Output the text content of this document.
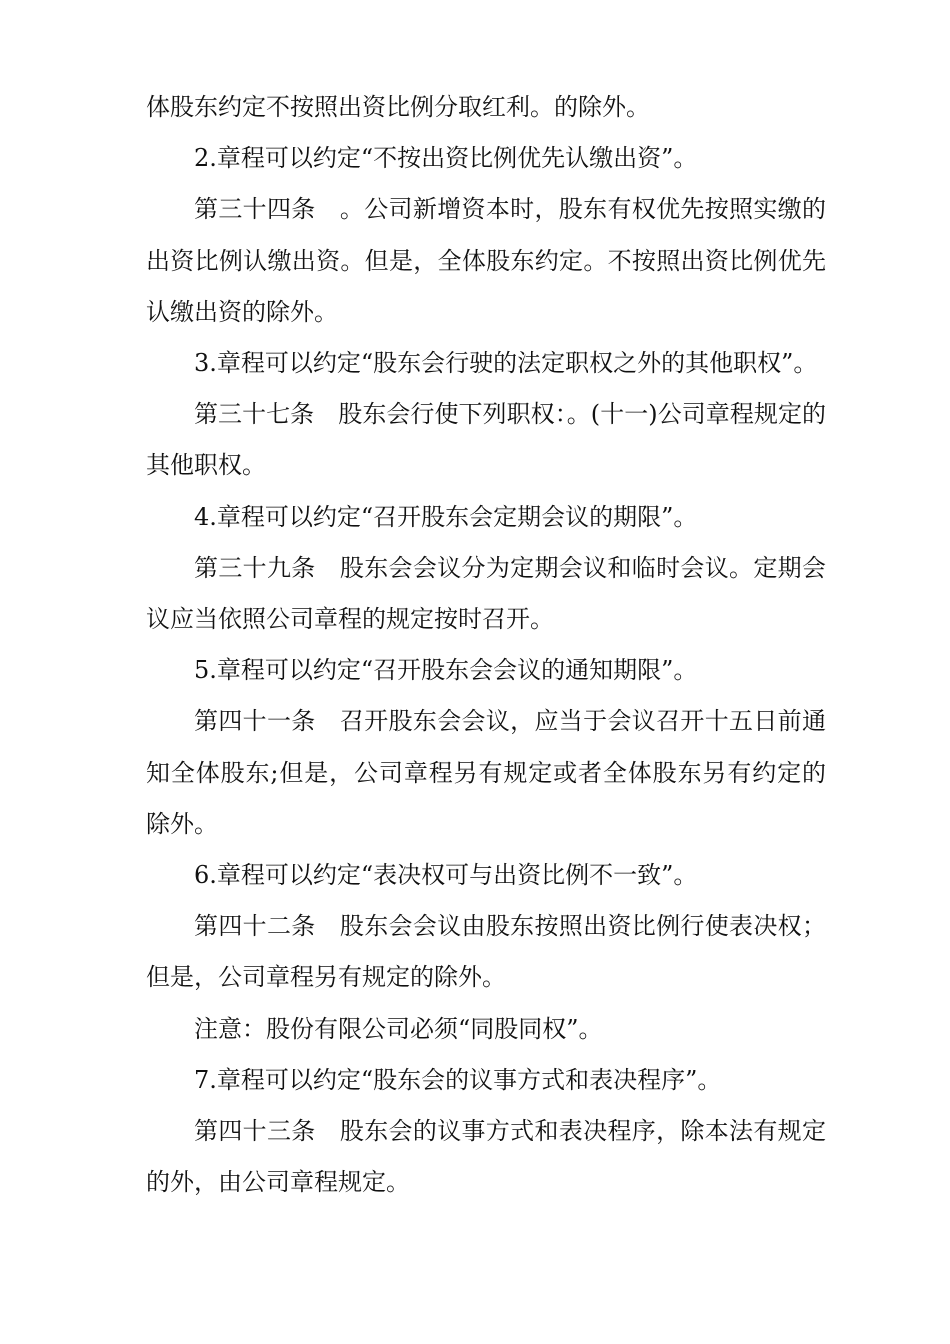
体股东约定不按照出资比例分取红利。的除外。

2.章程可以约定“不按出资比例优先认缴出资”。

第三十四条　。公司新增资本时，股东有权优先按照实缴的出资比例认缴出资。但是，全体股东约定。不按照出资比例优先认缴出资的除外。

3.章程可以约定“股东会行驶的法定职权之外的其他职权”。

第三十七条　股东会行使下列职权：。(十一)公司章程规定的其他职权。

4.章程可以约定“召开股东会定期会议的期限”。

第三十九条　股东会会议分为定期会议和临时会议。定期会议应当依照公司章程的规定按时召开。

5.章程可以约定“召开股东会会议的通知期限”。

第四十一条　召开股东会会议，应当于会议召开十五日前通知全体股东;但是，公司章程另有规定或者全体股东另有约定的除外。

6.章程可以约定“表决权可与出资比例不一致”。

第四十二条　股东会会议由股东按照出资比例行使表决权；但是，公司章程另有规定的除外。

注意：股份有限公司必须“同股同权”。

7.章程可以约定“股东会的议事方式和表决程序”。

第四十三条　股东会的议事方式和表决程序，除本法有规定的外，由公司章程规定。
